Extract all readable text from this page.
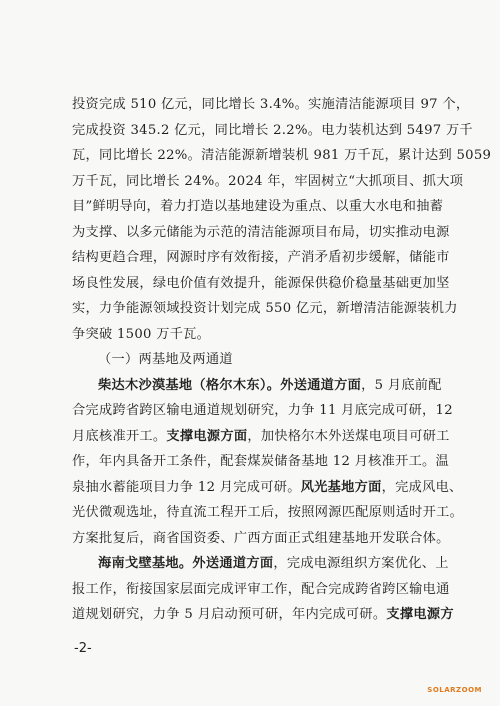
投资完成 510 亿元，同比增长 3.4%。实施清洁能源项目 97 个，
完成投资 345.2 亿元，同比增长 2.2%。电力装机达到 5497 万千
瓦，同比增长 22%。清洁能源新增装机 981 万千瓦，累计达到 5059
万千瓦，同比增长 24%。2024 年，牢固树立“大抓项目、抓大项
目”鲜明导向，着力打造以基地建设为重点、以重大水电和抽蓄
为支撑、以多元储能为示范的清洁能源项目布局，切实推动电源
结构更趋合理，网源时序有效衔接，产消矛盾初步缓解，储能市
场良性发展，绿电价值有效提升，能源保供稳价稳量基础更加坚
实，力争能源领域投资计划完成 550 亿元，新增清洁能源装机力
争突破 1500 万千瓦。
（一）两基地及两通道
柴达木沙漠基地（格尔木东）。外送通道方面，5 月底前配
合完成跨省跨区输电通道规划研究，力争 11 月底完成可研，12
月底核准开工。支撑电源方面，加快格尔木外送煤电项目可研工
作，年内具备开工条件，配套煤炭储备基地 12 月核准开工。温
泉抽水蓄能项目力争 12 月完成可研。风光基地方面，完成风电、
光伏微观选址，待直流工程开工后，按照网源匹配原则适时开工。
方案批复后，商省国资委、广西方面正式组建基地开发联合体。
海南戈壁基地。外送通道方面，完成电源组织方案优化、上
报工作，衔接国家层面完成评审工作，配合完成跨省跨区输电通
道规划研究，力争 5 月启动预可研，年内完成可研。支撑电源方
-2-
SOLARZOOM
